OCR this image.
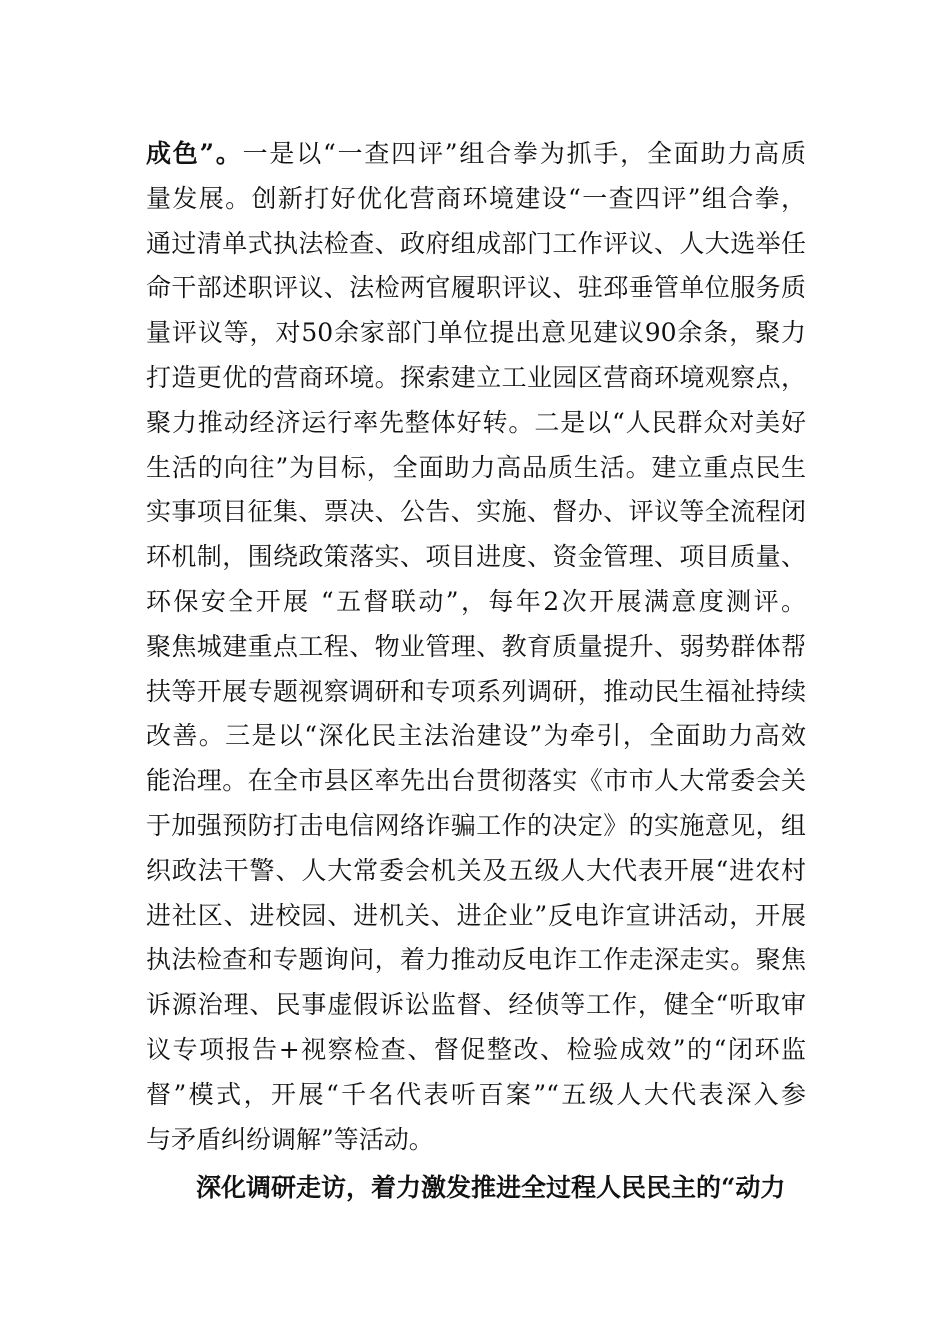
成色”。一是以“一查四评”组合拳为抓手，全面助力高质
量发展。创新打好优化营商环境建设“一查四评”组合拳，
通过清单式执法检查、政府组成部门工作评议、人大选举任
命干部述职评议、法检两官履职评议、驻邳垂管单位服务质
量评议等，对50余家部门单位提出意见建议90余条，聚力
打造更优的营商环境。探索建立工业园区营商环境观察点，
聚力推动经济运行率先整体好转。二是以“人民群众对美好
生活的向往”为目标，全面助力高品质生活。建立重点民生
实事项目征集、票决、公告、实施、督办、评议等全流程闭
环机制，围绕政策落实、项目进度、资金管理、项目质量、
环保安全开展 “五督联动”，每年2次开展满意度测评。
聚焦城建重点工程、物业管理、教育质量提升、弱势群体帮
扶等开展专题视察调研和专项系列调研，推动民生福祉持续
改善。三是以“深化民主法治建设”为牵引，全面助力高效
能治理。在全市县区率先出台贯彻落实《市市人大常委会关
于加强预防打击电信网络诈骗工作的决定》的实施意见，组
织政法干警、人大常委会机关及五级人大代表开展“进农村
进社区、进校园、进机关、进企业”反电诈宣讲活动，开展
执法检查和专题询问，着力推动反电诈工作走深走实。聚焦
诉源治理、民事虚假诉讼监督、经侦等工作，健全“听取审
议专项报告+视察检查、督促整改、检验成效”的“闭环监
督”模式，开展“千名代表听百案”“五级人大代表深入参
与矛盾纠纷调解”等活动。
深化调研走访，着力激发推进全过程人民民主的“动力
